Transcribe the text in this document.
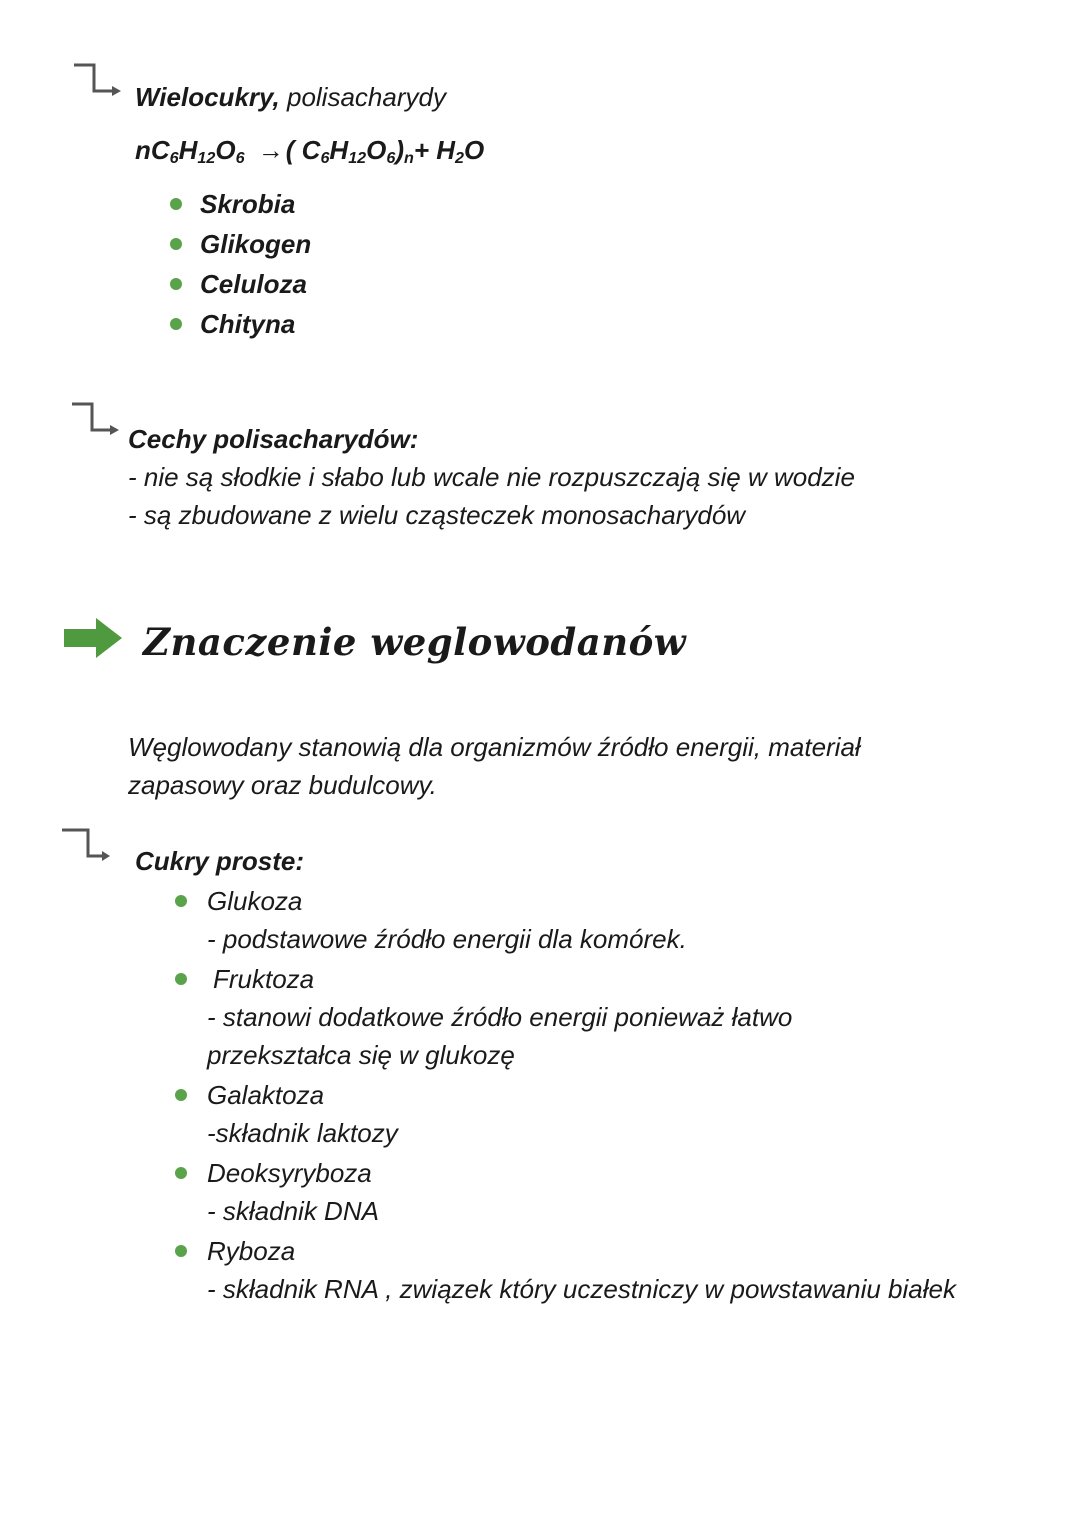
Wielocukry, polisacharydy
$nC_6H_{12}O_6$ →( $C_6H_{12}O_6)_n+ H_2O$
Skrobia
Glikogen
Celuloza
Chityna
Cechy polisacharydów:
- nie są słodkie i słabo lub wcale nie rozpuszczają się w wodzie
- są zbudowane z wielu cząsteczek monosacharydów
Znaczenie weglowodanów
Węglowodany stanowią dla organizmów źródło energii, materiał
zapasowy oraz budulcowy.
Cukry proste:
Glukoza
- podstawowe źródło energii dla komórek.
Fruktoza
- stanowi dodatkowe źródło energii ponieważ łatwo
przekształca się w glukozę
Galaktoza
-składnik laktozy
Deoksyryboza
- składnik DNA
Ryboza
- składnik RNA , związek który uczestniczy w powstawaniu białek
